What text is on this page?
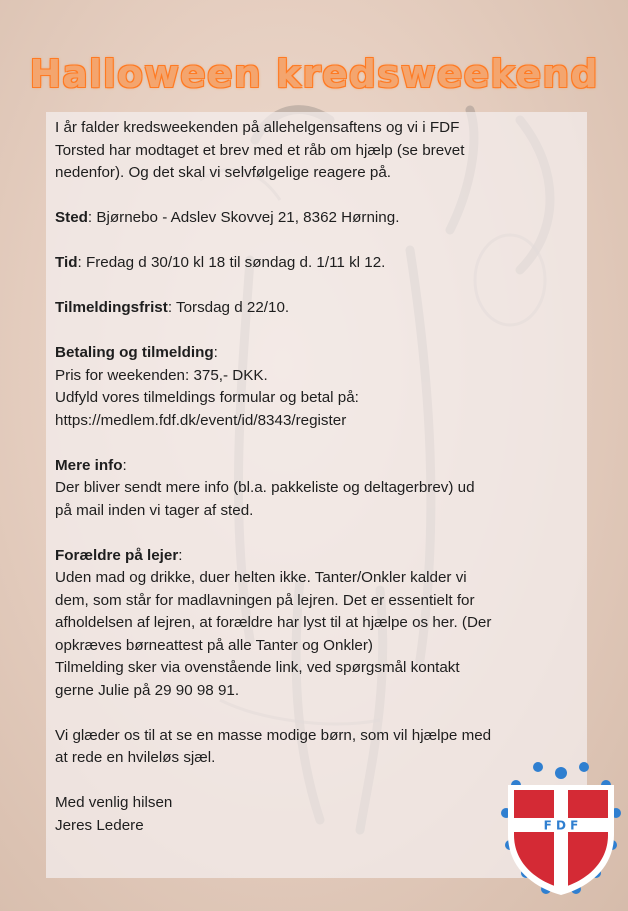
Halloween kredsweekend
I år falder kredsweekenden på allehelgensaftens og vi i FDF
Torsted har modtaget et brev med et råb om hjælp (se brevet
nedenfor). Og det skal vi selvfølgelige reagere på.
Sted: Bjørnebo - Adslev Skovvej 21, 8362 Hørning.
Tid: Fredag d 30/10 kl 18 til søndag d. 1/11 kl 12.
Tilmeldingsfrist: Torsdag d 22/10.
Betaling og tilmelding:
Pris for weekenden: 375,- DKK.
Udfyld vores tilmeldings formular og betal på:
https://medlem.fdf.dk/event/id/8343/register
Mere info:
Der bliver sendt mere info (bl.a. pakkeliste og deltagerbrev) ud
på mail inden vi tager af sted.
Forældre på lejer:
Uden mad og drikke, duer helten ikke. Tanter/Onkler kalder vi
dem, som står for madlavningen på lejren. Det er essentielt for
afholdelsen af lejren, at forældre har lyst til at hjælpe os her. (Der
opkræves børneattest på alle Tanter og Onkler)
Tilmelding sker via ovenstående link, ved spørgsmål kontakt
gerne Julie på 29 90 98 91.
Vi glæder os til at se en masse modige børn, som vil hjælpe med
at rede en hvileløs sjæl.
Med venlig hilsen
Jeres Ledere	F D F
